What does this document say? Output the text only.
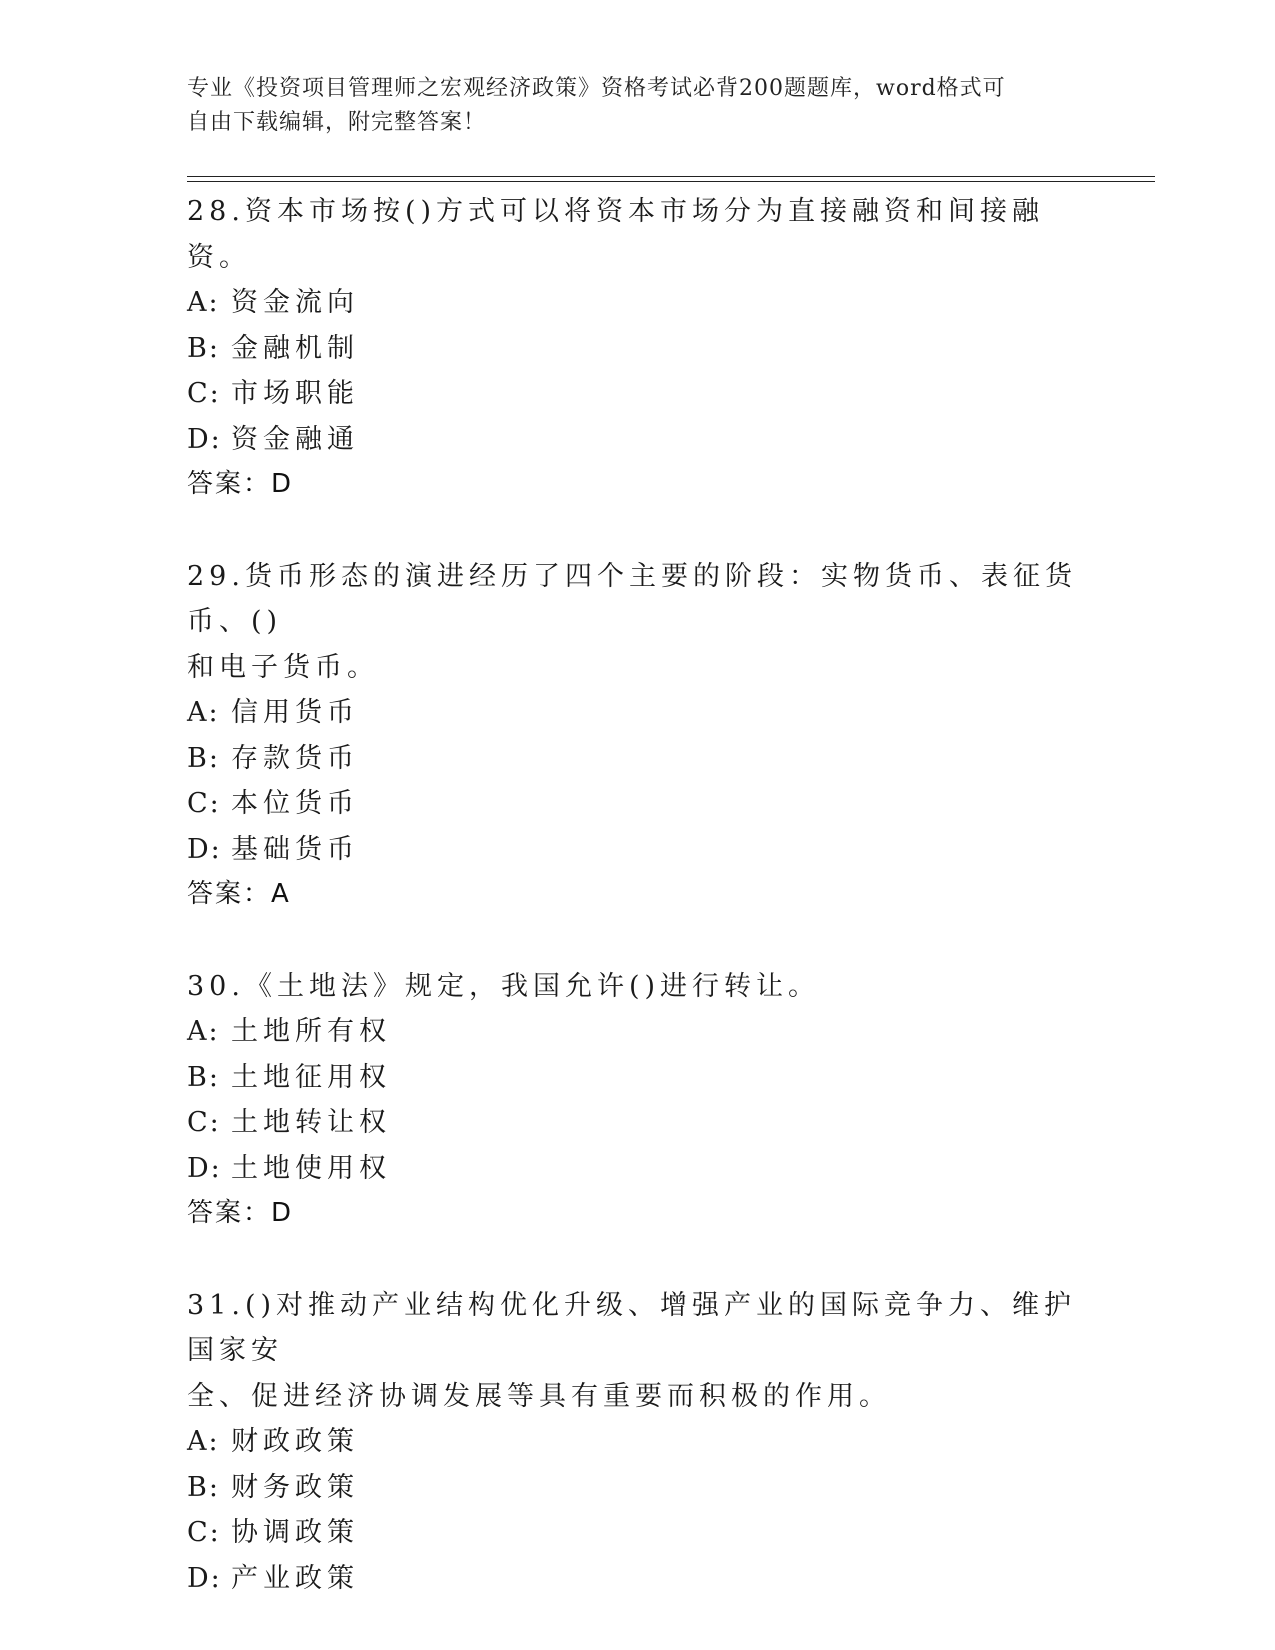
专业《投资项目管理师之宏观经济政策》资格考试必背200题题库，word格式可
自由下载编辑，附完整答案！

28.资本市场按()方式可以将资本市场分为直接融资和间接融资。

A: 资金流向

B: 金融机制

C: 市场职能

D: 资金融通

答案：D

29.货币形态的演进经历了四个主要的阶段：实物货币、表征货币、()

和电子货币。

A: 信用货币

B: 存款货币

C: 本位货币

D: 基础货币

答案：A

30.《土地法》规定，我国允许()进行转让。

A: 土地所有权

B: 土地征用权

C: 土地转让权

D: 土地使用权

答案：D

31.()对推动产业结构优化升级、增强产业的国际竞争力、维护国家安

全、促进经济协调发展等具有重要而积极的作用。

A: 财政政策

B: 财务政策

C: 协调政策

D: 产业政策
